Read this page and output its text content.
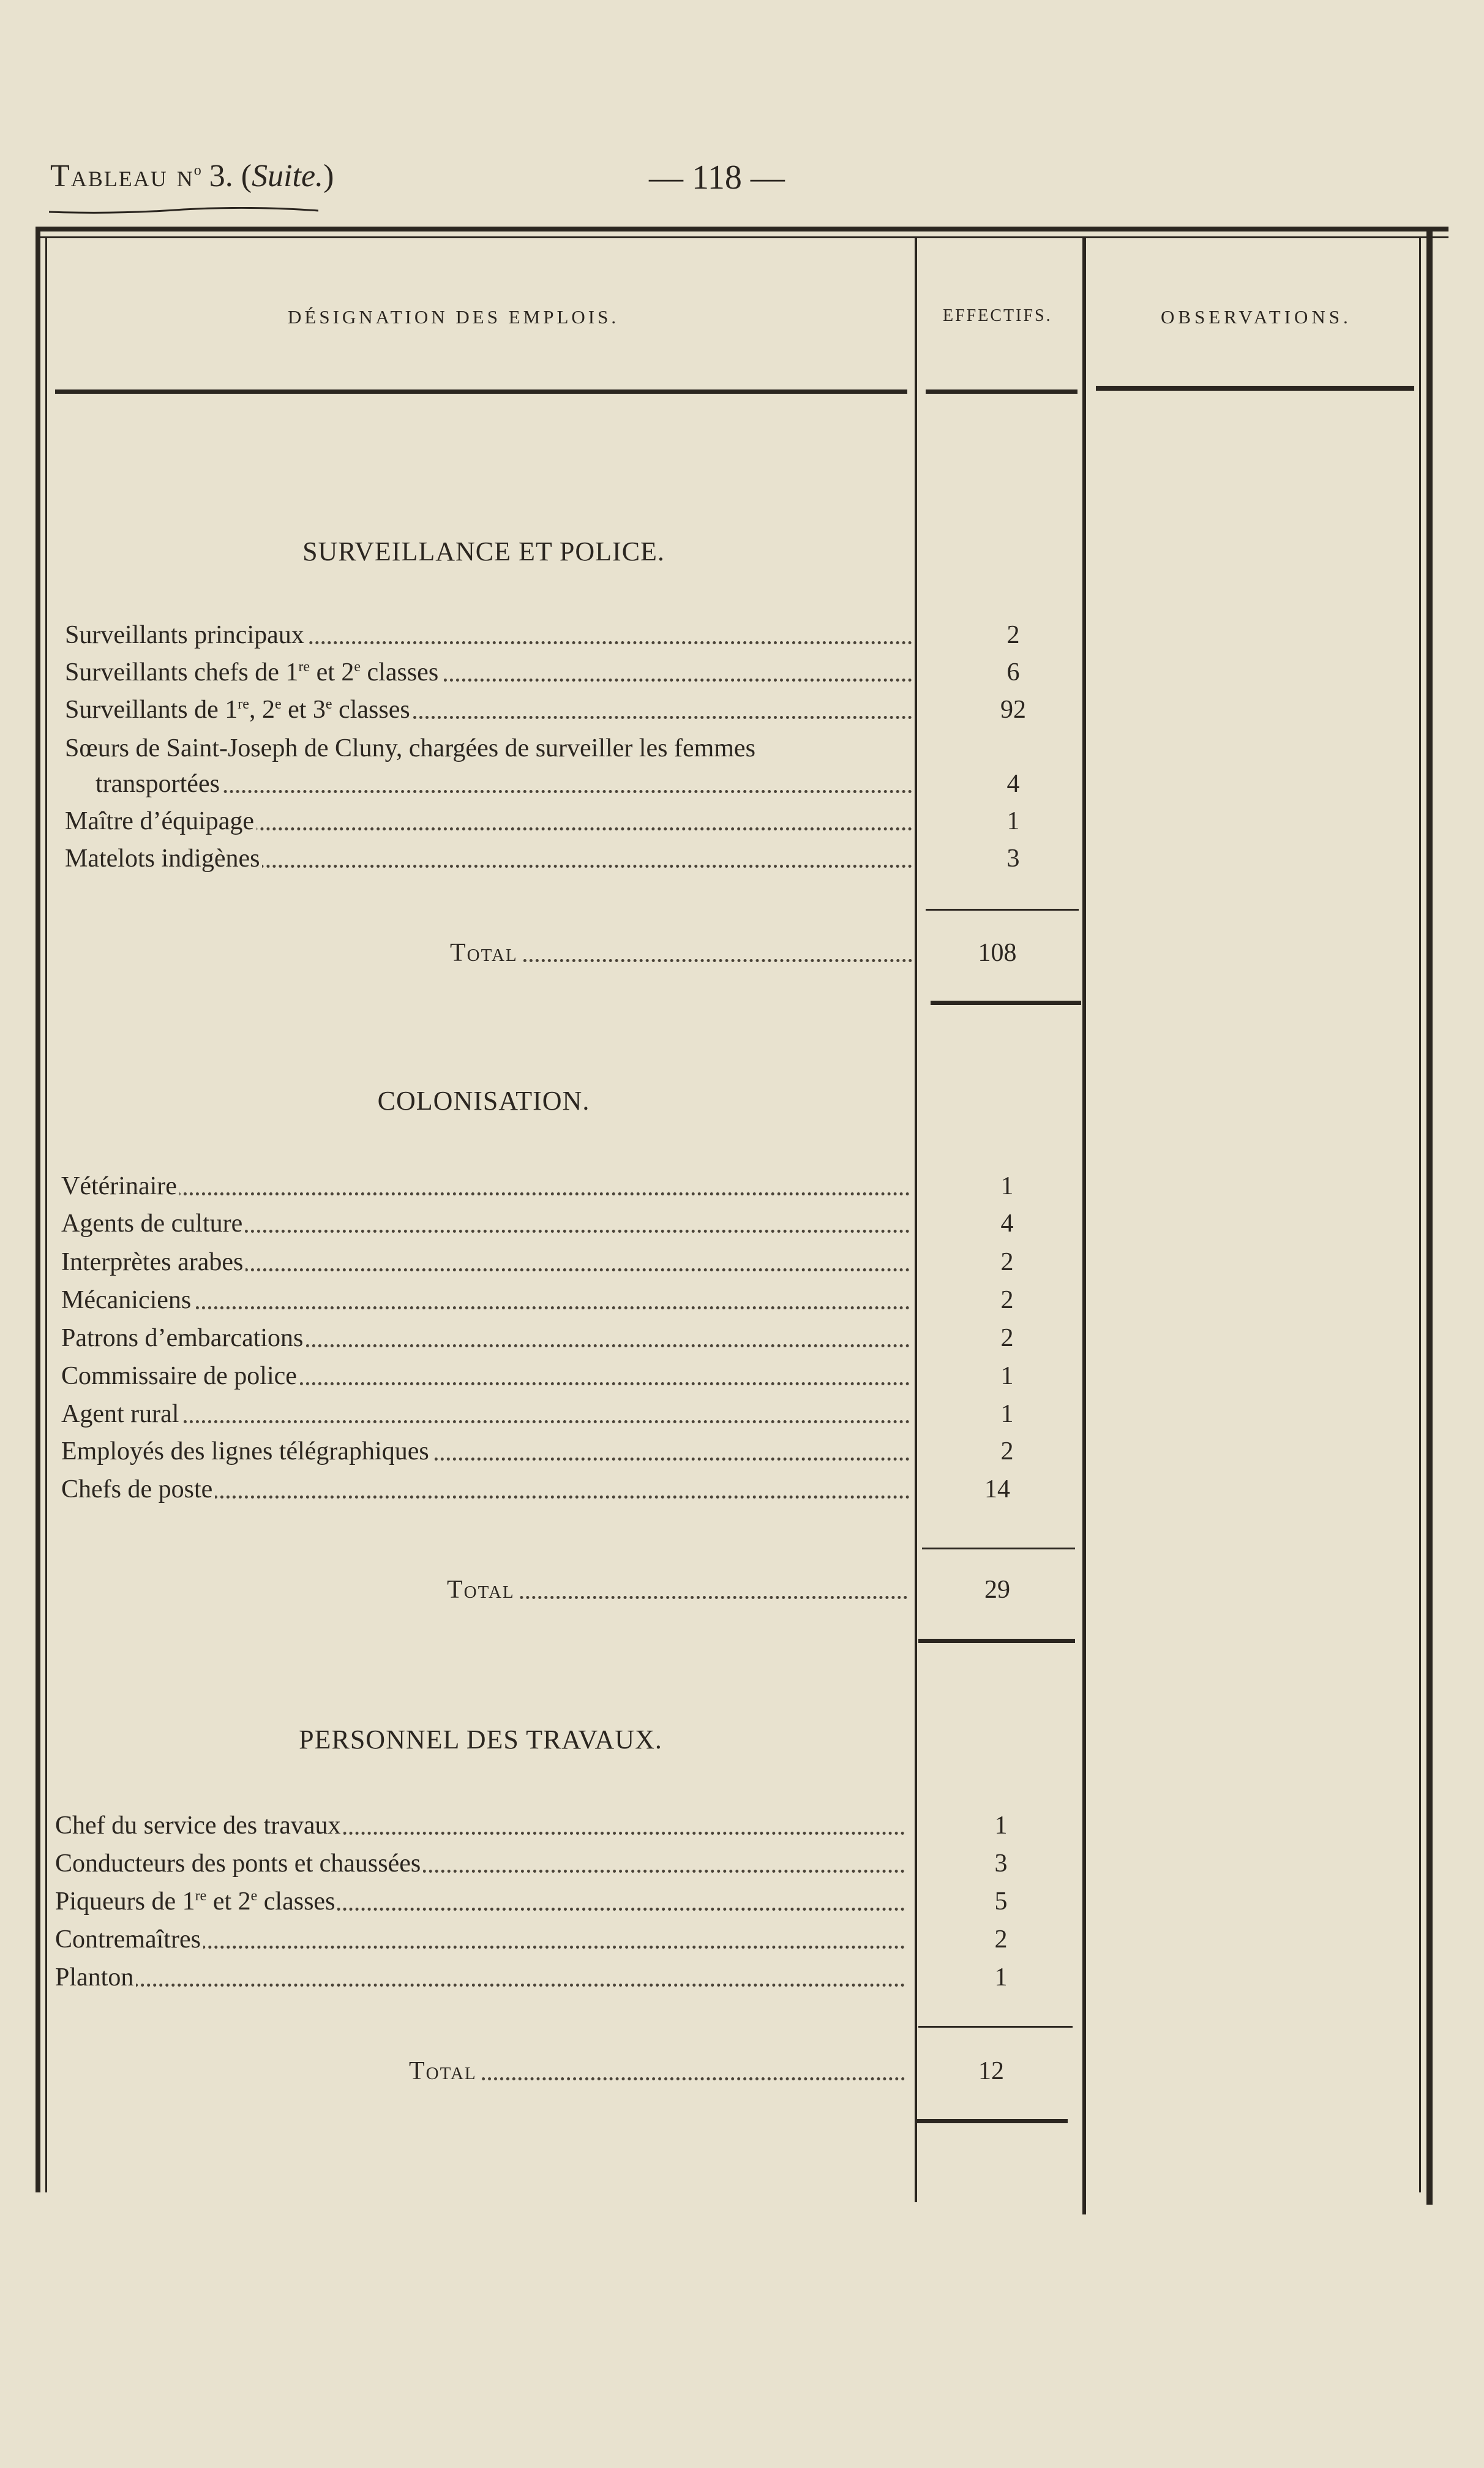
Tableau $n^o$ 3. (Suite.)	— 118 —
DÉSIGNATION DES EMPLOIS.	EFFECTIFS.	OBSERVATIONS.
SURVEILLANCE ET POLICE.
Surveillants principaux	2
Surveillants chefs de 1re et 2e classes	6
Surveillants de 1re, 2e et 3e classes	92
Sœurs de Saint-Joseph de Cluny, chargées de surveiller les femmes
transportées	4
Maître d’équipage	1
Matelots indigènes	3
Total	108
COLONISATION.
Vétérinaire	1
Agents de culture	4
Interprètes arabes	2
Mécaniciens	2
Patrons d’embarcations	2
Commissaire de police	1
Agent rural	1
Employés des lignes télégraphiques	2
Chefs de poste	14
Total	29
PERSONNEL DES TRAVAUX.
Chef du service des travaux	1
Conducteurs des ponts et chaussées	3
Piqueurs de 1re et 2e classes	5
Contremaîtres	2
Planton	1
Total	12
